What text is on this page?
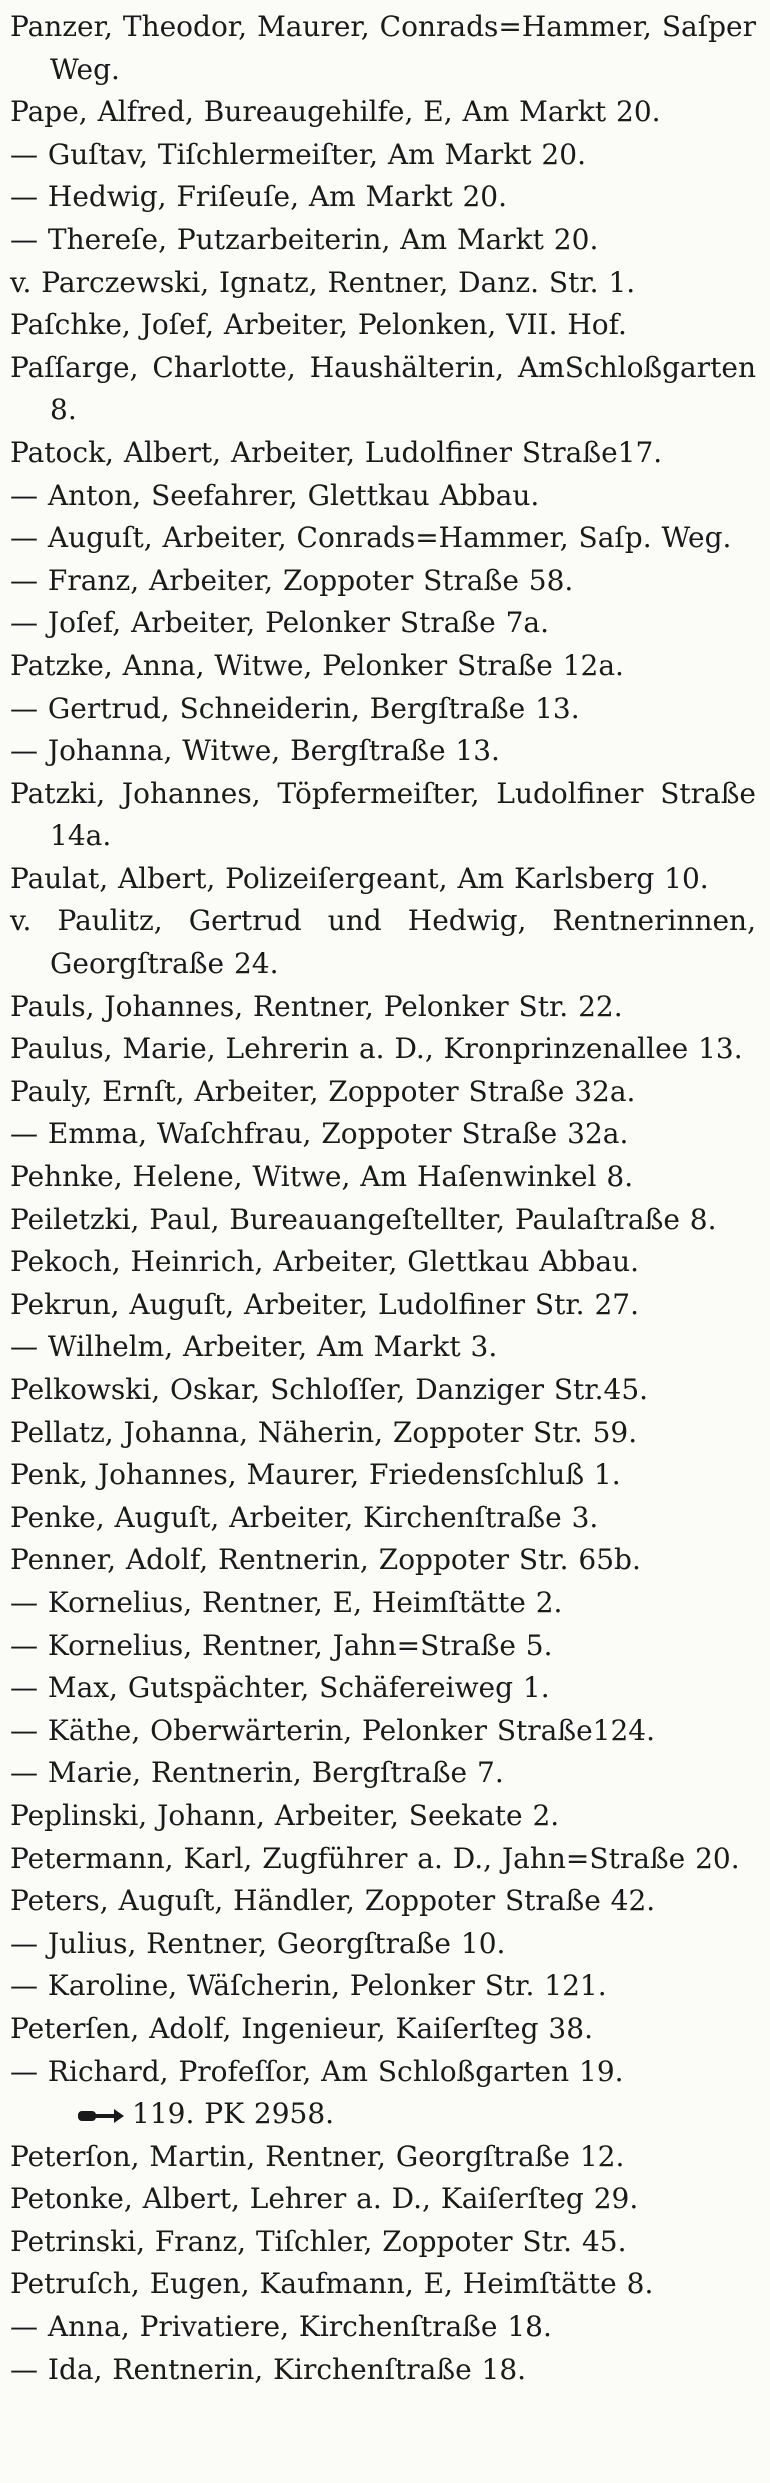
Panzer, Theodor, Maurer, Conrads=Hammer, Saſper Weg.
Pape, Alfred, Bureaugehilfe, E, Am Markt 20.
— Guſtav, Tiſchlermeiſter, Am Markt 20.
— Hedwig, Friſeuſe, Am Markt 20.
— Thereſe, Putzarbeiterin, Am Markt 20.
v. Parczewski, Ignatz, Rentner, Danz. Str. 1.
Paſchke, Joſef, Arbeiter, Pelonken, VII. Hof.
Paſſarge, Charlotte, Haushälterin, AmSchloßgarten 8.
Patock, Albert, Arbeiter, Ludolfiner Straße17.
— Anton, Seefahrer, Glettkau Abbau.
— Auguſt, Arbeiter, Conrads=Hammer, Saſp. Weg.
— Franz, Arbeiter, Zoppoter Straße 58.
— Joſef, Arbeiter, Pelonker Straße 7a.
Patzke, Anna, Witwe, Pelonker Straße 12a.
— Gertrud, Schneiderin, Bergſtraße 13.
— Johanna, Witwe, Bergſtraße 13.
Patzki, Johannes, Töpfermeiſter, Ludolfiner Straße 14a.
Paulat, Albert, Polizeiſergeant, Am Karlsberg 10.
v. Paulitz, Gertrud und Hedwig, Rentnerinnen, Georgſtraße 24.
Pauls, Johannes, Rentner, Pelonker Str. 22.
Paulus, Marie, Lehrerin a. D., Kronprinzenallee 13.
Pauly, Ernſt, Arbeiter, Zoppoter Straße 32a.
— Emma, Waſchfrau, Zoppoter Straße 32a.
Pehnke, Helene, Witwe, Am Haſenwinkel 8.
Peiletzki, Paul, Bureauangeſtellter, Paulaſtraße 8.
Pekoch, Heinrich, Arbeiter, Glettkau Abbau.
Pekrun, Auguſt, Arbeiter, Ludolfiner Str. 27.
— Wilhelm, Arbeiter, Am Markt 3.
Pelkowski, Oskar, Schloſſer, Danziger Str.45.
Pellatz, Johanna, Näherin, Zoppoter Str. 59.
Penk, Johannes, Maurer, Friedensſchluß 1.
Penke, Auguſt, Arbeiter, Kirchenſtraße 3.
Penner, Adolf, Rentnerin, Zoppoter Str. 65b.
— Kornelius, Rentner, E, Heimſtätte 2.
— Kornelius, Rentner, Jahn=Straße 5.
— Max, Gutspächter, Schäfereiweg 1.
— Käthe, Oberwärterin, Pelonker Straße124.
— Marie, Rentnerin, Bergſtraße 7.
Peplinski, Johann, Arbeiter, Seekate 2.
Petermann, Karl, Zugführer a. D., Jahn=Straße 20.
Peters, Auguſt, Händler, Zoppoter Straße 42.
— Julius, Rentner, Georgſtraße 10.
— Karoline, Wäſcherin, Pelonker Str. 121.
Peterſen, Adolf, Ingenieur, Kaiſerſteg 38.
— Richard, Profeſſor, Am Schloßgarten 19.
119. PK 2958.
Peterſon, Martin, Rentner, Georgſtraße 12.
Petonke, Albert, Lehrer a. D., Kaiſerſteg 29.
Petrinski, Franz, Tiſchler, Zoppoter Str. 45.
Petruſch, Eugen, Kaufmann, E, Heimſtätte 8.
— Anna, Privatiere, Kirchenſtraße 18.
— Ida, Rentnerin, Kirchenſtraße 18.
